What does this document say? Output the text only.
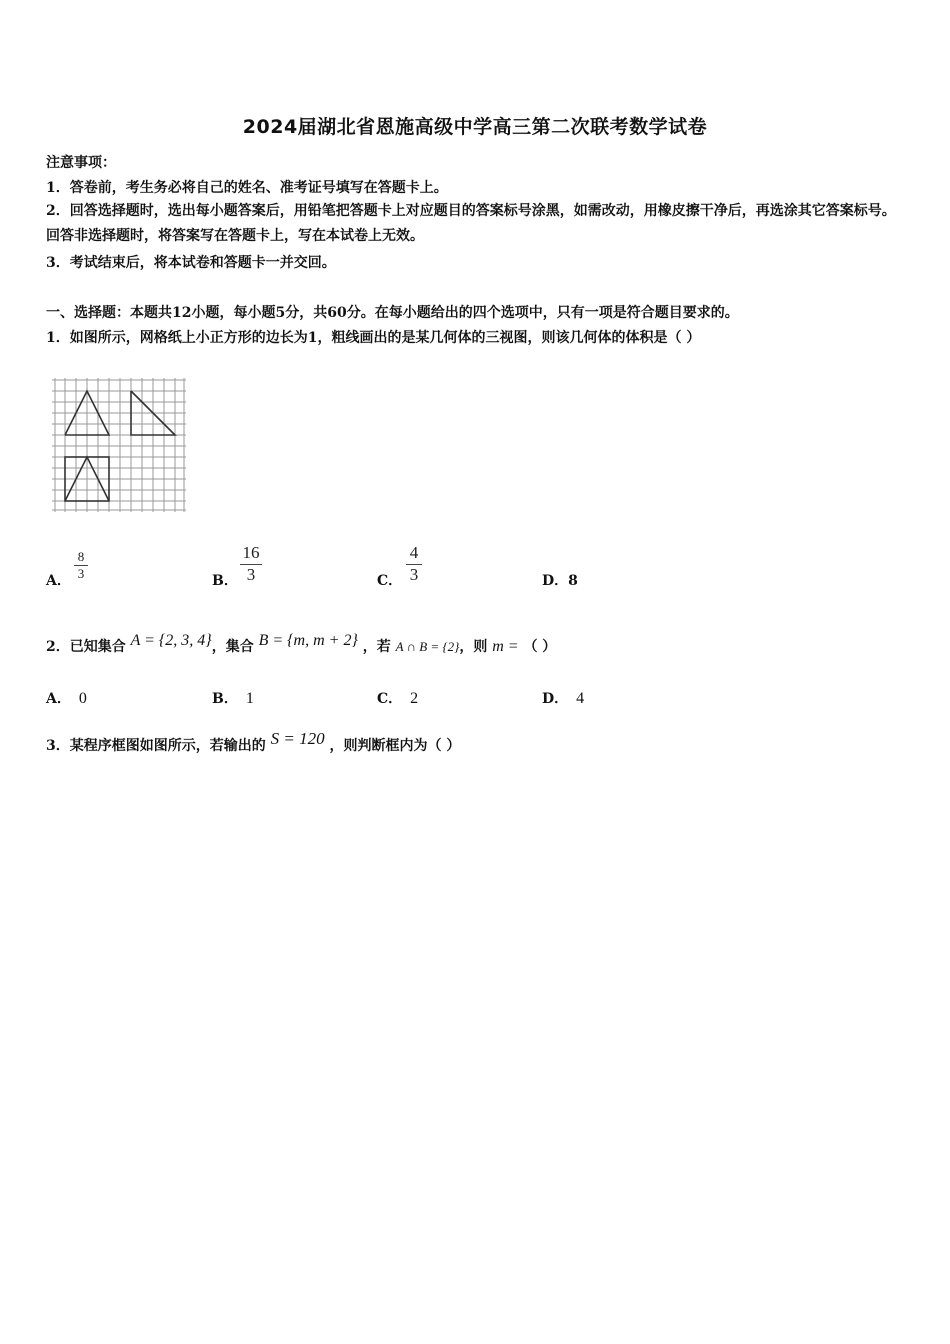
2024届湖北省恩施高级中学高三第二次联考数学试卷
注意事项：
1．答卷前，考生务必将自己的姓名、准考证号填写在答题卡上。
2．回答选择题时，选出每小题答案后，用铅笔把答题卡上对应题目的答案标号涂黑，如需改动，用橡皮擦干净后，再选涂其它答案标号。回答非选择题时，将答案写在答题卡上，写在本试卷上无效。
3．考试结束后，将本试卷和答题卡一并交回。
一、选择题：本题共12小题，每小题5分，共60分。在每小题给出的四个选项中，只有一项是符合题目要求的。
1．如图所示，网格纸上小正方形的边长为1，粗线画出的是某几何体的三视图，则该几何体的体积是（ ）
A．
8
3	B．
16
3	C．
4
3	D．8
2．已知集合 A = {2, 3, 4}，集合 B = {m, m + 2} ，若 A ∩ B = {2}，则 m = （ ）
A． 0	B． 1	C． 2	D． 4
3．某程序框图如图所示，若输出的 S = 120 ，则判断框内为（ ）
